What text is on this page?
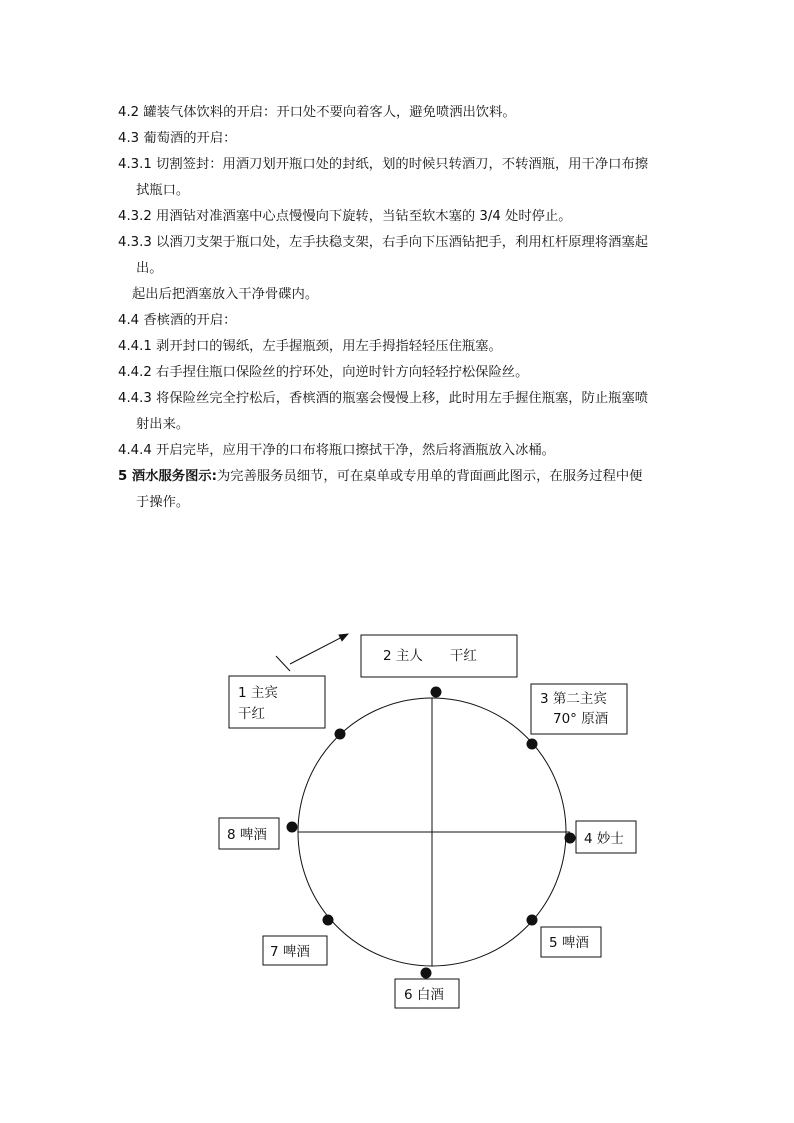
4.2 罐装气体饮料的开启：开口处不要向着客人，避免喷洒出饮料。
4.3 葡萄酒的开启：
4.3.1 切割签封：用酒刀划开瓶口处的封纸，划的时候只转酒刀，不转酒瓶，用干净口布擦
拭瓶口。
4.3.2 用酒钻对准酒塞中心点慢慢向下旋转，当钻至软木塞的 3/4 处时停止。
4.3.3 以酒刀支架于瓶口处，左手扶稳支架，右手向下压酒钻把手，利用杠杆原理将酒塞起
出。
起出后把酒塞放入干净骨碟内。
4.4 香槟酒的开启：
4.4.1 剥开封口的锡纸，左手握瓶颈，用左手拇指轻轻压住瓶塞。
4.4.2 右手捏住瓶口保险丝的拧环处，向逆时针方向轻轻拧松保险丝。
4.4.3 将保险丝完全拧松后，香槟酒的瓶塞会慢慢上移，此时用左手握住瓶塞，防止瓶塞喷
射出来。
4.4.4 开启完毕，应用干净的口布将瓶口擦拭干净，然后将酒瓶放入冰桶。
5 酒水服务图示:为完善服务员细节，可在桌单或专用单的背面画此图示，在服务过程中便
于操作。
2 主人　　干红
1 主宾
干红
3 第二主宾
70° 原酒
4 妙士
5 啤酒
6 白酒
7 啤酒
8 啤酒
